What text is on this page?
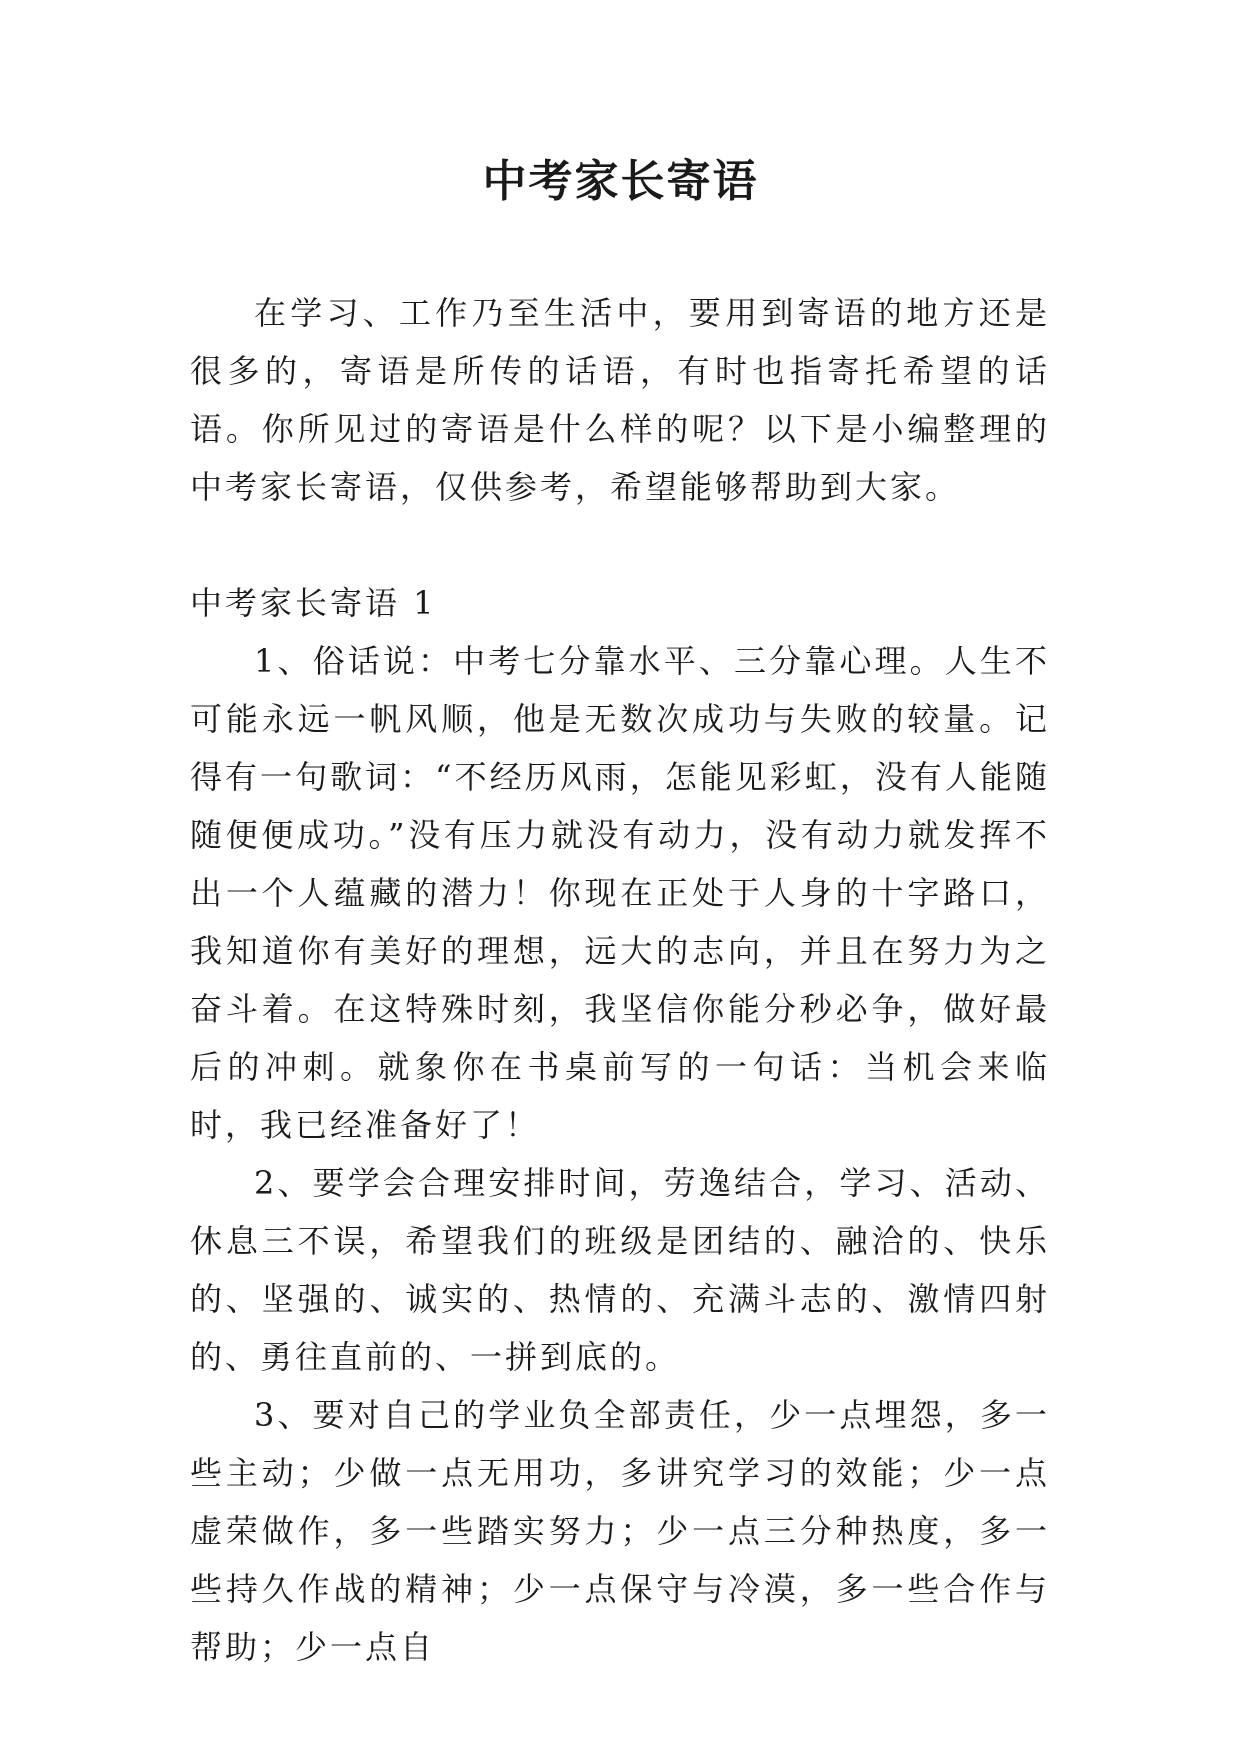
中考家长寄语

在学习、工作乃至生活中，要用到寄语的地方还是很多的，寄语是所传的话语，有时也指寄托希望的话语。你所见过的寄语是什么样的呢？以下是小编整理的中考家长寄语，仅供参考，希望能够帮助到大家。

中考家长寄语 1

1、俗话说：中考七分靠水平、三分靠心理。人生不可能永远一帆风顺，他是无数次成功与失败的较量。记得有一句歌词：“不经历风雨，怎能见彩虹，没有人能随随便便成功。”没有压力就没有动力，没有动力就发挥不出一个人蕴藏的潜力！你现在正处于人身的十字路口，我知道你有美好的理想，远大的志向，并且在努力为之奋斗着。在这特殊时刻，我坚信你能分秒必争，做好最后的冲刺。就象你在书桌前写的一句话：当机会来临时，我已经准备好了！

2、要学会合理安排时间，劳逸结合，学习、活动、休息三不误，希望我们的班级是团结的、融洽的、快乐的、坚强的、诚实的、热情的、充满斗志的、激情四射的、勇往直前的、一拼到底的。

3、要对自己的学业负全部责任，少一点埋怨，多一些主动；少做一点无用功，多讲究学习的效能；少一点虚荣做作，多一些踏实努力；少一点三分种热度，多一些持久作战的精神；少一点保守与冷漠，多一些合作与帮助；少一点自
